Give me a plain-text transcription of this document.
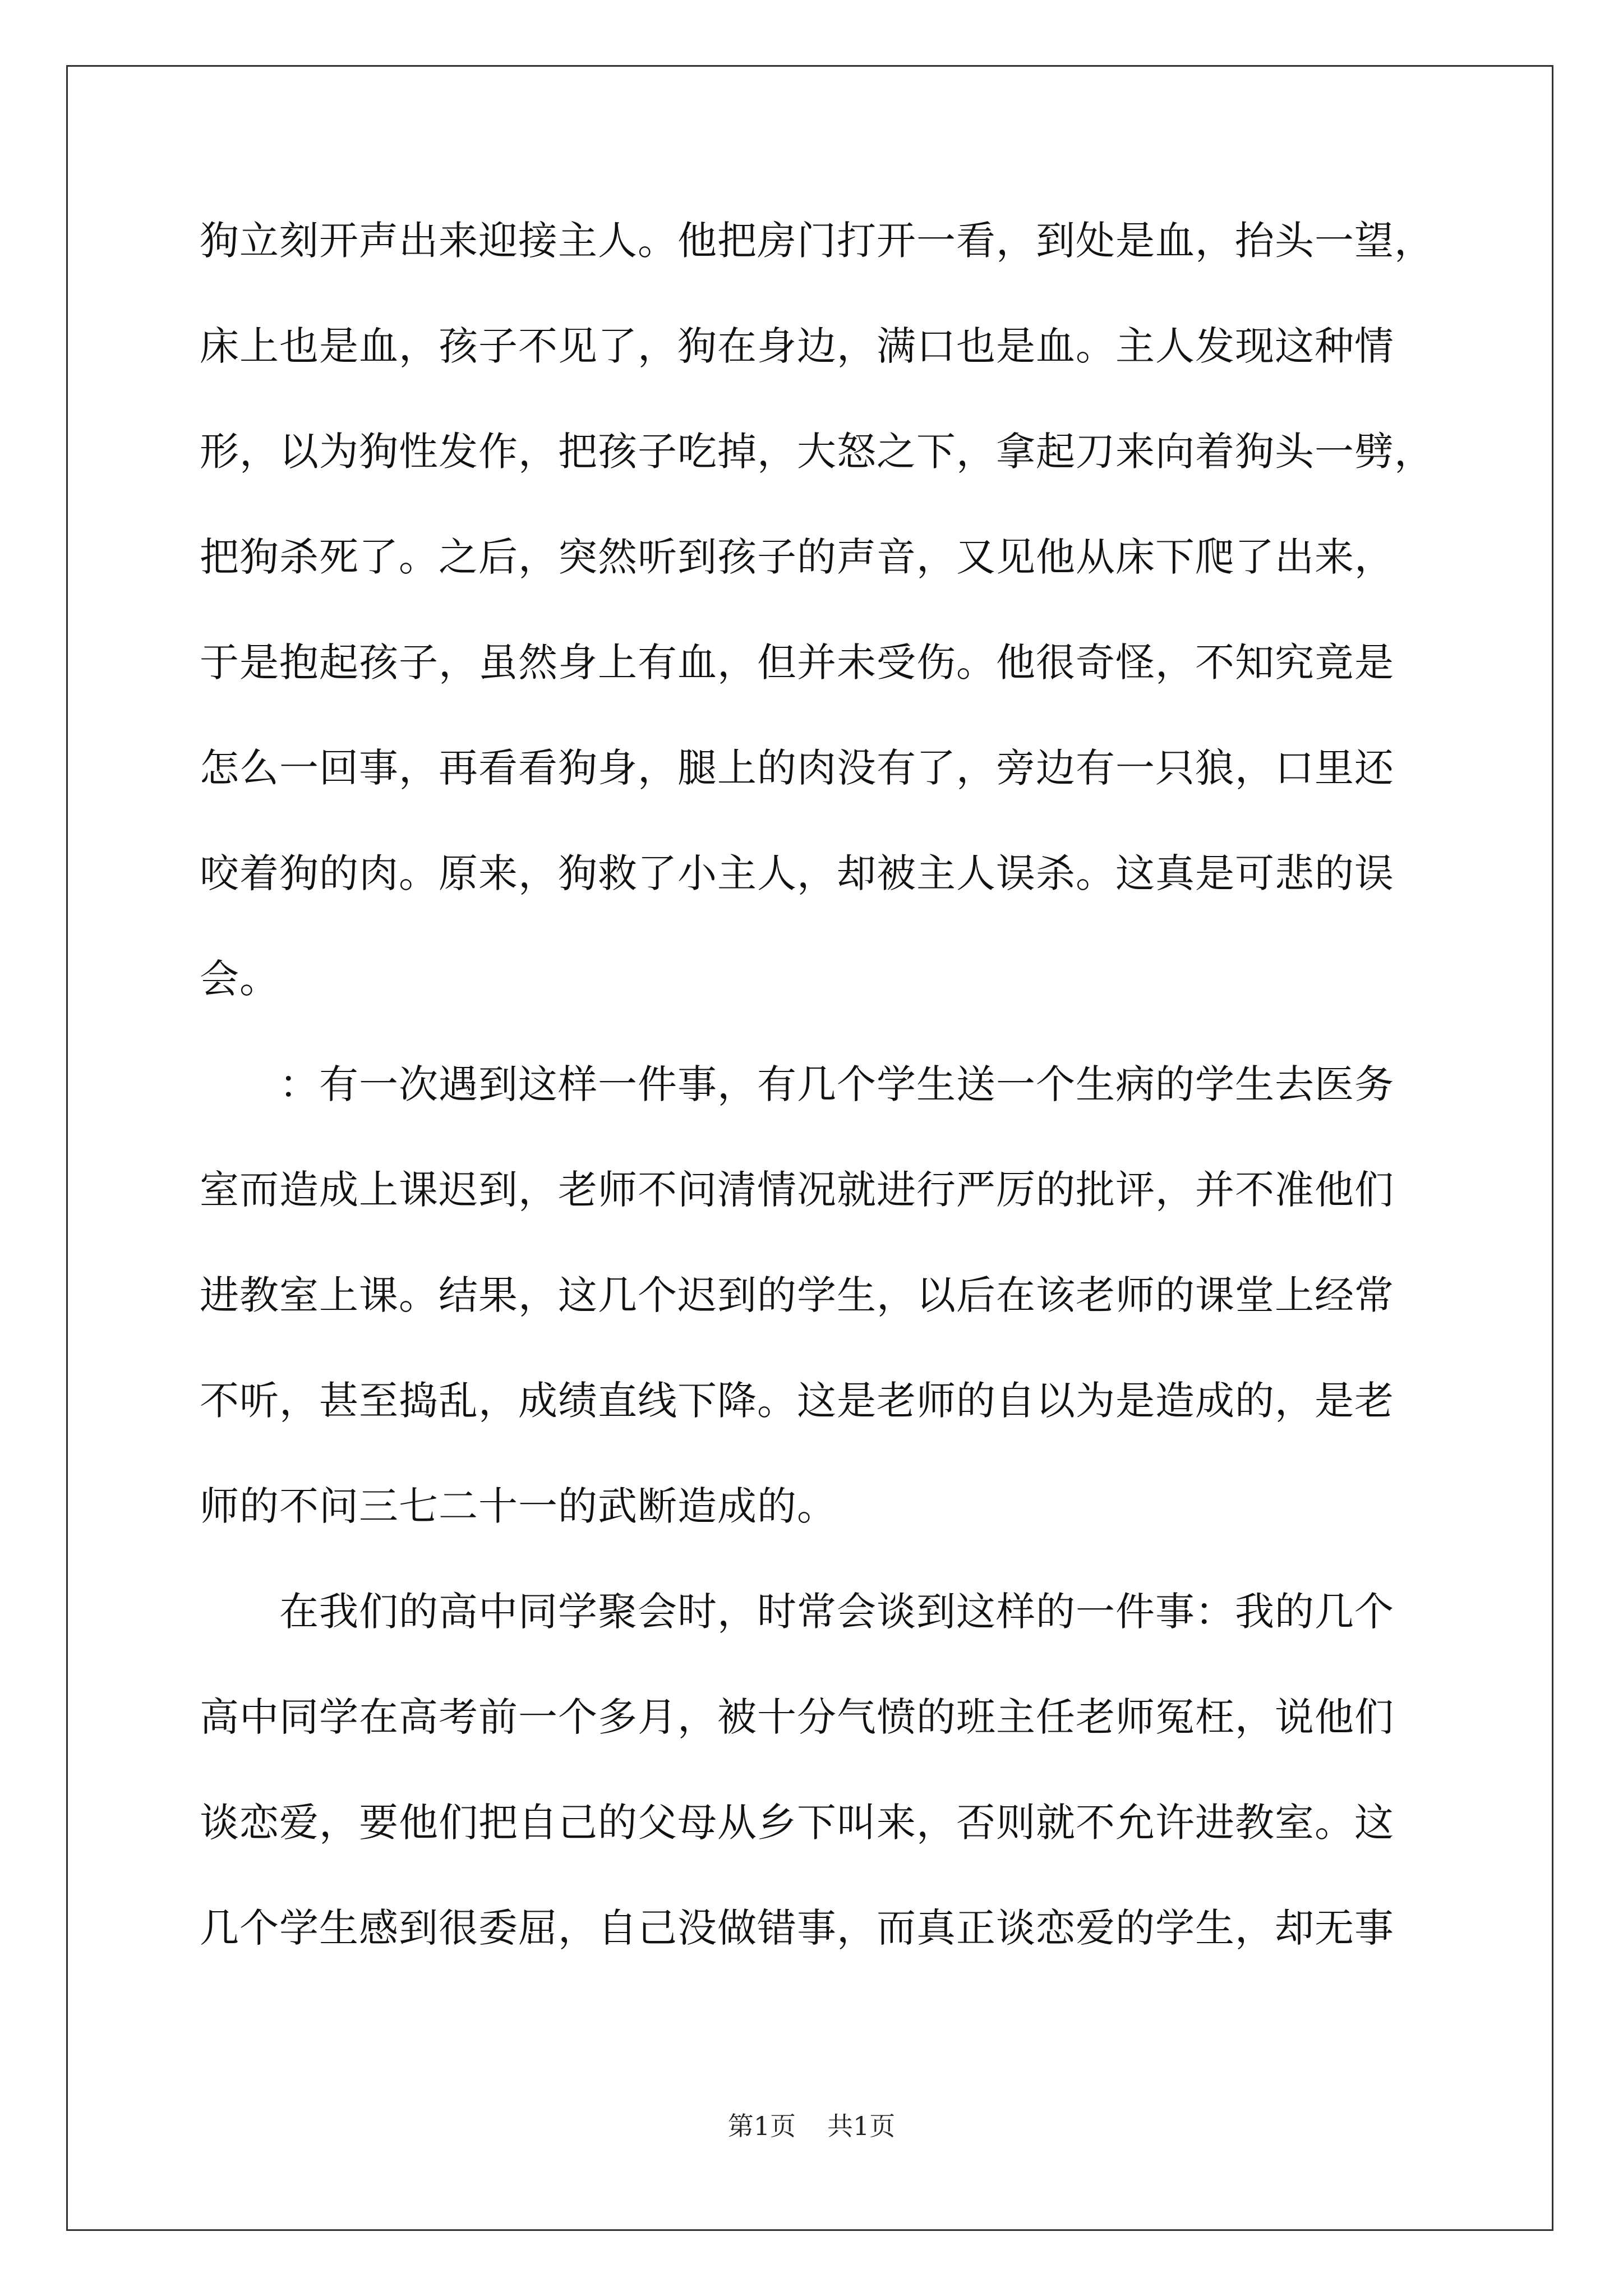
狗立刻开声出来迎接主人。他把房门打开一看，到处是血，抬头一望，
床上也是血，孩子不见了，狗在身边，满口也是血。主人发现这种情
形，以为狗性发作，把孩子吃掉，大怒之下，拿起刀来向着狗头一劈，
把狗杀死了。之后，突然听到孩子的声音，又见他从床下爬了出来，
于是抱起孩子，虽然身上有血，但并未受伤。他很奇怪，不知究竟是
怎么一回事，再看看狗身，腿上的肉没有了，旁边有一只狼，口里还
咬着狗的肉。原来，狗救了小主人，却被主人误杀。这真是可悲的误
会。
　　：有一次遇到这样一件事，有几个学生送一个生病的学生去医务
室而造成上课迟到，老师不问清情况就进行严厉的批评，并不准他们
进教室上课。结果，这几个迟到的学生，以后在该老师的课堂上经常
不听，甚至捣乱，成绩直线下降。这是老师的自以为是造成的，是老
师的不问三七二十一的武断造成的。
　　在我们的高中同学聚会时，时常会谈到这样的一件事：我的几个
高中同学在高考前一个多月，被十分气愤的班主任老师冤枉，说他们
谈恋爱，要他们把自己的父母从乡下叫来，否则就不允许进教室。这
几个学生感到很委屈，自己没做错事，而真正谈恋爱的学生，却无事
第1页 共1页
